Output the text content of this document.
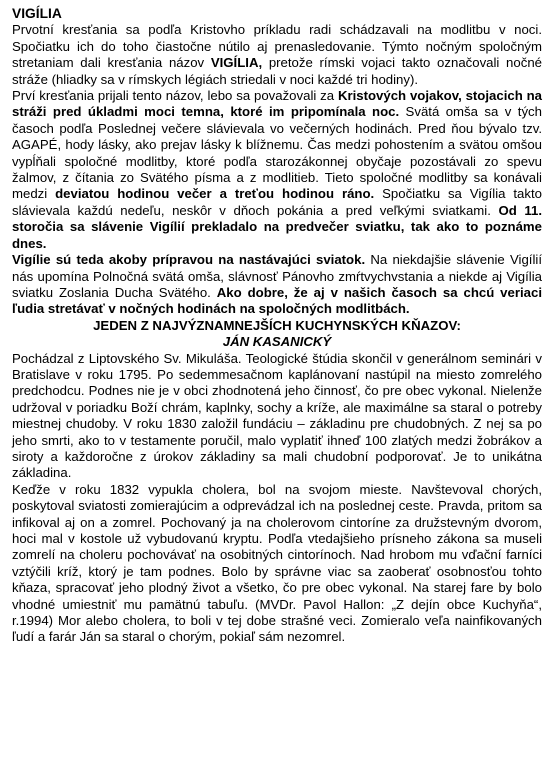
VIGÍLIA

Prvotní kresťania sa podľa Kristovho príkladu radi schádzavali na modlitbu v noci. Spočiatku ich do toho čiastočne nútilo aj prenasledovanie. Týmto nočným spoločným stretaniam dali kresťania názov VIGÍLIA, pretože rímski vojaci takto označovali nočné stráže (hliadky sa v rímskych légiách striedali v noci každé tri hodiny).

Prví kresťania prijali tento názov, lebo sa považovali za Kristových vojakov, stojacich na stráži pred úkladmi moci temna, ktoré im pripomínala noc. Svätá omša sa v tých časoch podľa Poslednej večere slávievala vo večerných hodinách. Pred ňou bývalo tzv. AGAPÉ, hody lásky, ako prejav lásky k blížnemu. Čas medzi pohostením a svätou omšou vypĺňali spoločné modlitby, ktoré podľa starozákonnej obyčaje pozostávali zo spevu žalmov, z čítania zo Svätého písma a z modlitieb. Tieto spoločné modlitby sa konávali medzi deviatou hodinou večer a treťou hodinou ráno. Spočiatku sa Vigília takto slávievala každú nedeľu, neskôr v dňoch pokánia a pred veľkými sviatkami. Od 11. storočia sa slávenie Vigílií prekladalo na predvečer sviatku, tak ako to poznáme dnes.

Vigílie sú teda akoby prípravou na nastávajúci sviatok. Na niekdajšie slávenie Vigílií nás upomína Polnočná svätá omša, slávnosť Pánovho zmŕtvychvstania a niekde aj Vigília sviatku Zoslania Ducha Svätého. Ako dobre, že aj v našich časoch sa chcú veriaci ľudia stretávať v nočných hodinách na spoločných modlitbách.

JEDEN Z NAJVÝZNAMNEJŠÍCH KUCHYNSKÝCH KŇAZOV:
JÁN KASANICKÝ

Pochádzal z Liptovského Sv. Mikuláša. Teologické štúdia skončil v generálnom seminári v Bratislave v roku 1795. Po sedemmesačnom kaplánovaní nastúpil na miesto zomrelého predchodcu. Podnes nie je v obci zhodnotená jeho činnosť, čo pre obec vykonal. Nielenže udržoval v poriadku Boží chrám, kaplnky, sochy a kríže, ale maximálne sa staral o potreby miestnej chudoby. V roku 1830 založil fundáciu – základinu pre chudobných. Z nej sa po jeho smrti, ako to v testamente poručil, malo vyplatiť ihneď 100 zlatých medzi žobrákov a siroty a každoročne z úrokov základiny sa mali chudobní podporovať. Je to unikátna základina.

Keďže v roku 1832 vypukla cholera, bol na svojom mieste. Navštevoval chorých, poskytoval sviatosti zomierajúcim a odprevádzal ich na poslednej ceste. Pravda, pritom sa infikoval aj on a zomrel. Pochovaný ja na cholerovom cintoríne za družstevným dvorom, hoci mal v kostole už vybudovanú kryptu. Podľa vtedajšieho prísneho zákona sa museli zomrelí na choleru pochovávať na osobitných cintorínoch. Nad hrobom mu vďační farníci vztýčili kríž, ktorý je tam podnes. Bolo by správne viac sa zaoberať osobnosťou tohto kňaza, spracovať jeho plodný život a všetko, čo pre obec vykonal. Na starej fare by bolo vhodné umiestniť mu pamätnú tabuľu. (MVDr. Pavol Hallon: „Z dejín obce Kuchyňa“, r.1994) Mor alebo cholera, to boli v tej dobe strašné veci. Zomieralo veľa nainfikovaných ľudí a farár Ján sa staral o chorým, pokiaľ sám nezomrel.
